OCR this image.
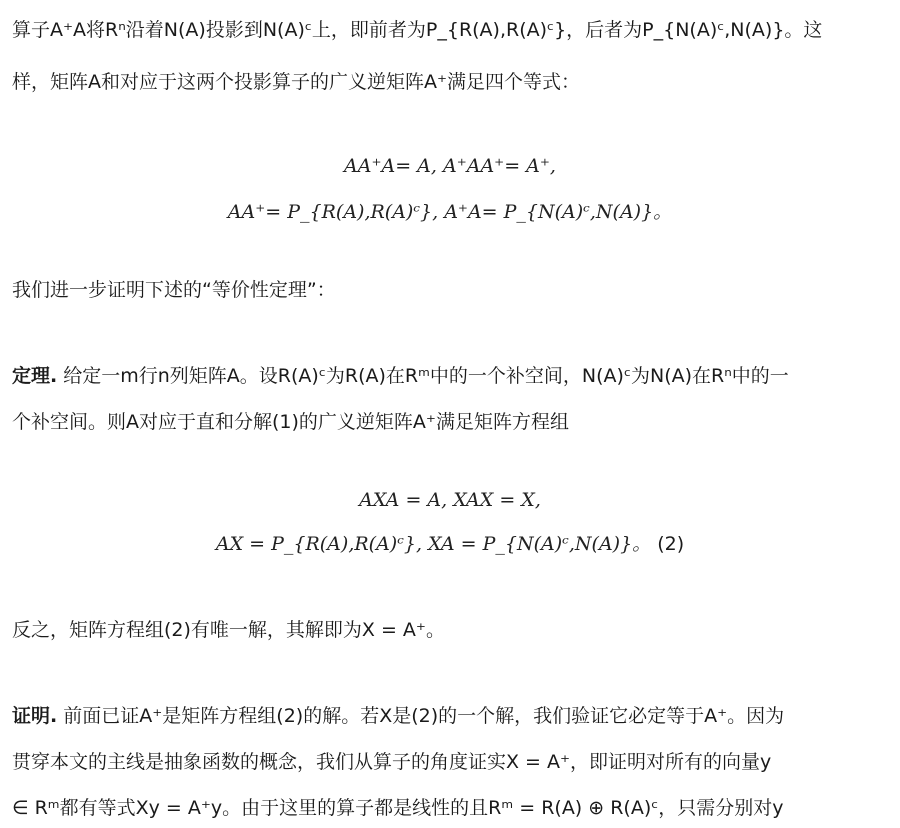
算子A⁺A将Rⁿ沿着N(A)投影到N(A)ᶜ上，即前者为P_{R(A),R(A)ᶜ}，后者为P_{N(A)ᶜ,N(A)}。这
样，矩阵A和对应于这两个投影算子的广义逆矩阵A⁺满足四个等式：
AA⁺A= A, A⁺AA⁺= A⁺,
AA⁺= P_{R(A),R(A)ᶜ}, A⁺A= P_{N(A)ᶜ,N(A)}。
我们进一步证明下述的“等价性定理”：
定理. 给定一m行n列矩阵A。设R(A)ᶜ为R(A)在Rᵐ中的一个补空间，N(A)ᶜ为N(A)在Rⁿ中的一
个补空间。则A对应于直和分解(1)的广义逆矩阵A⁺满足矩阵方程组
AXA = A, XAX = X,
AX = P_{R(A),R(A)ᶜ}, XA = P_{N(A)ᶜ,N(A)}。 (2)
反之，矩阵方程组(2)有唯一解，其解即为X = A⁺。
证明. 前面已证A⁺是矩阵方程组(2)的解。若X是(2)的一个解，我们验证它必定等于A⁺。因为
贯穿本文的主线是抽象函数的概念，我们从算子的角度证实X = A⁺，即证明对所有的向量y
∈ Rᵐ都有等式Xy = A⁺y。由于这里的算子都是线性的且Rᵐ = R(A) ⊕ R(A)ᶜ，只需分别对y
